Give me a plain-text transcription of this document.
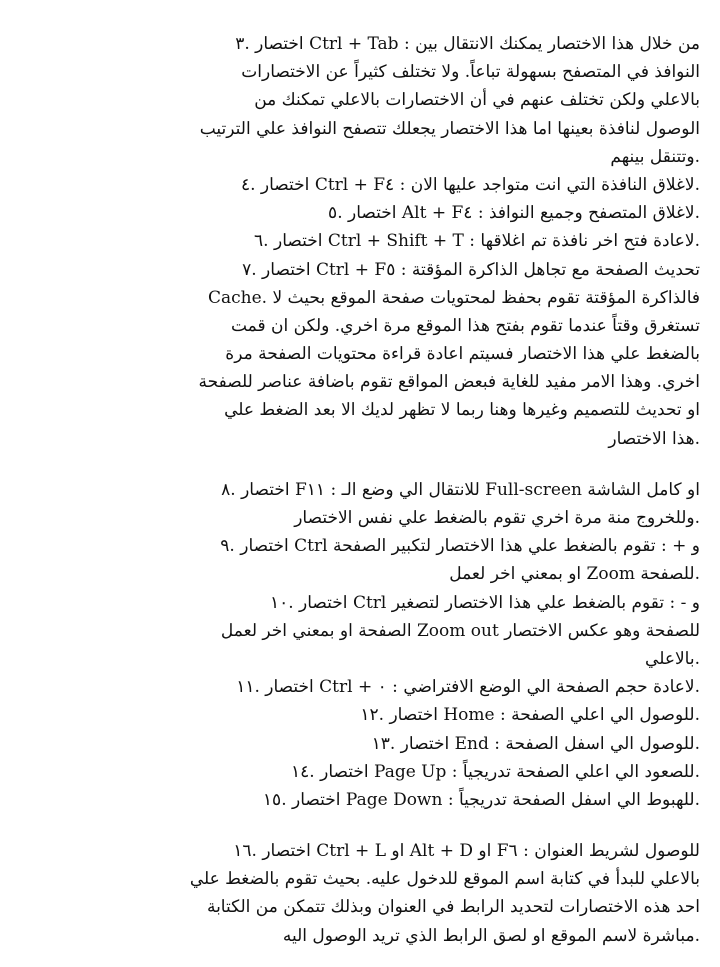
من خلال هذا الاختصار يمكنك الانتقال بين : Ctrl + Tab اختصار .٣
النوافذ في المتصفح بسهولة تباعاً. ولا تختلف كثيراً عن الاختصارات
بالاعلي ولكن تختلف عنهم في أن الاختصارات بالاعلي تمكنك من
الوصول لنافذة بعينها اما هذا الاختصار يجعلك تتصفح النوافذ علي الترتيب
.وتتنقل بينهم
.لاغلاق النافذة التي انت متواجد عليها الان : Ctrl + F٤ اختصار .٤
.لاغلاق المتصفح وجميع النوافذ : Alt + F٤ اختصار .٥
.لاعادة فتح اخر نافذة تم اغلاقها : Ctrl + Shift + T اختصار .٦
تحديث الصفحة مع تجاهل الذاكرة المؤقتة : Ctrl + F٥ اختصار .٧
فالذاكرة المؤقتة تقوم بحفظ لمحتويات صفحة الموقع بحيث لا .Cache
تستغرق وقتاً عندما تقوم بفتح هذا الموقع مرة اخري. ولكن ان قمت
بالضغط علي هذا الاختصار فسيتم اعادة قراءة محتويات الصفحة مرة
اخري. وهذا الامر مفيد للغاية فبعض المواقع تقوم باضافة عناصر للصفحة
او تحديث للتصميم وغيرها وهنا ربما لا تظهر لديك الا بعد الضغط علي
.هذا الاختصار
او كامل الشاشة Full-screen للانتقال الي وضع الـ : F١١ اختصار .٨
.وللخروج منة مرة اخري تقوم بالضغط علي نفس الاختصار
و + : تقوم بالضغط علي هذا الاختصار لتكبير الصفحة Ctrl اختصار .٩
.للصفحة Zoom او بمعني اخر لعمل
و - : تقوم بالضغط علي هذا الاختصار لتصغير Ctrl اختصار .١٠
للصفحة وهو عكس الاختصار Zoom out الصفحة او بمعني اخر لعمل
.بالاعلي
.لاعادة حجم الصفحة الي الوضع الافتراضي : ٠ + Ctrl اختصار .١١
.للوصول الي اعلي الصفحة : Home اختصار .١٢
.للوصول الي اسفل الصفحة : End اختصار .١٣
.للصعود الي اعلي الصفحة تدريجياً : Page Up اختصار .١٤
.للهبوط الي اسفل الصفحة تدريجياً : Page Down اختصار .١٥
للوصول لشريط العنوان : F٦ او Alt + D او Ctrl + L اختصار .١٦
بالاعلي للبدأ في كتابة اسم الموقع للدخول عليه. بحيث تقوم بالضغط علي
احد هذه الاختصارات لتحديد الرابط في العنوان وبذلك تتمكن من الكتابة
.مباشرة لاسم الموقع او لصق الرابط الذي تريد الوصول اليه
